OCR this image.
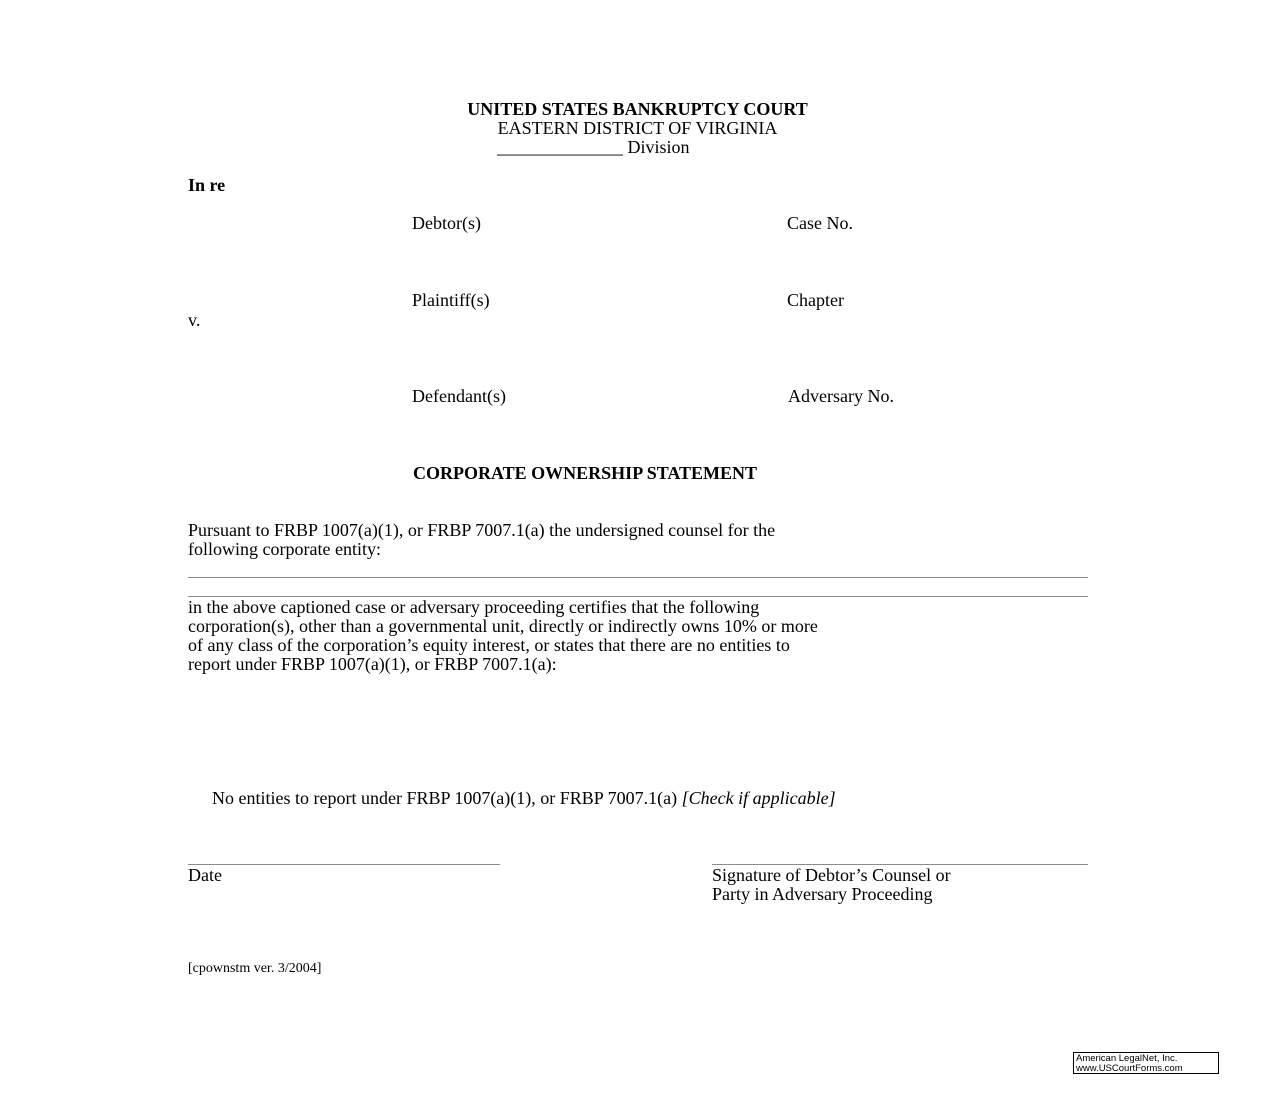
UNITED STATES BANKRUPTCY COURT
EASTERN DISTRICT OF VIRGINIA
______________ Division
In re
Debtor(s)	Case No.
Plaintiff(s)	Chapter
v.
Defendant(s)	Adversary No.
CORPORATE OWNERSHIP STATEMENT
Pursuant to FRBP 1007(a)(1), or FRBP 7007.1(a) the undersigned counsel for the
following corporate entity:
in the above captioned case or adversary proceeding certifies that the following
corporation(s), other than a governmental unit, directly or indirectly owns 10% or more
of any class of the corporation’s equity interest, or states that there are no entities to
report under FRBP 1007(a)(1), or FRBP 7007.1(a):
No entities to report under FRBP 1007(a)(1), or FRBP 7007.1(a) [Check if applicable]
Date	Signature of Debtor’s Counsel or
Party in Adversary Proceeding
[cpownstm ver. 3/2004]
American LegalNet, Inc.
www.USCourtForms.com
